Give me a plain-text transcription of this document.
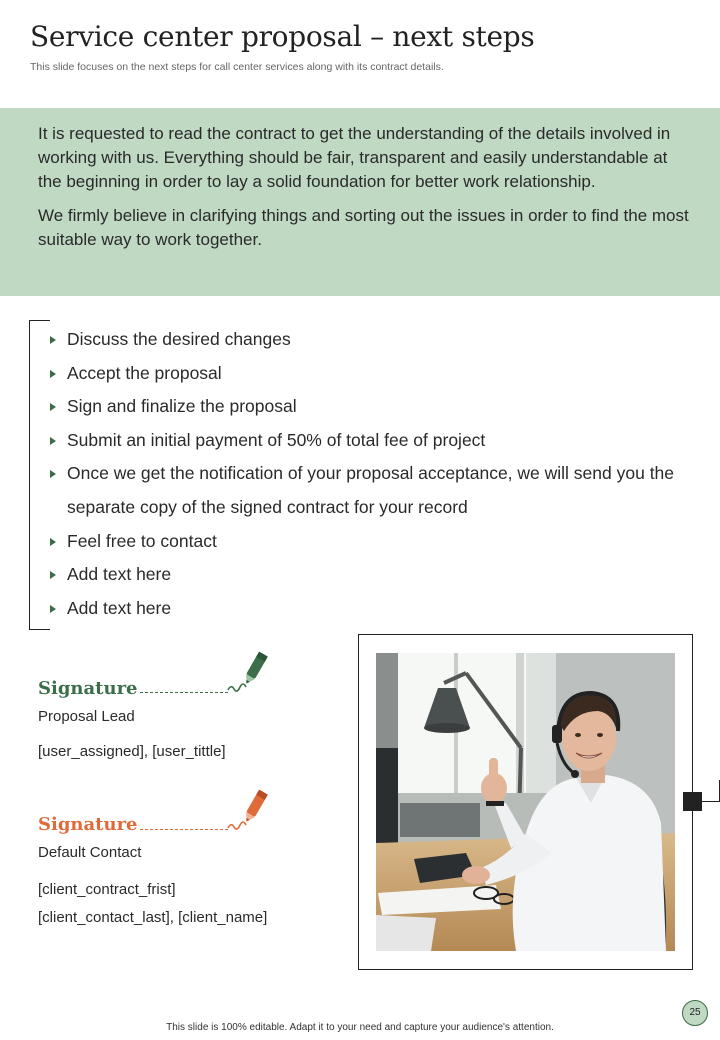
Service center proposal – next steps
This slide focuses on the next steps for call center services along with its contract details.

It is requested to read the contract to get the understanding of the details involved in working with us. Everything should be fair, transparent and easily understandable at the beginning in order to lay a solid foundation for better work relationship.

We firmly believe in clarifying things and sorting out the issues in order to find the most suitable way to work together.

Discuss the desired changes
Accept the proposal
Sign and finalize the proposal
Submit an initial payment of 50% of total fee of project
Once we get the notification of your proposal acceptance, we will send you the separate copy of the signed contract for your record
Feel free to contact
Add text here
Add text here
Signature
Proposal Lead
[user_assigned], [user_tittle]
Signature
Default Contact
[client_contract_frist]
[client_contact_last], [client_name]
25
This slide is 100% editable. Adapt it to your need and capture your audience's attention.
